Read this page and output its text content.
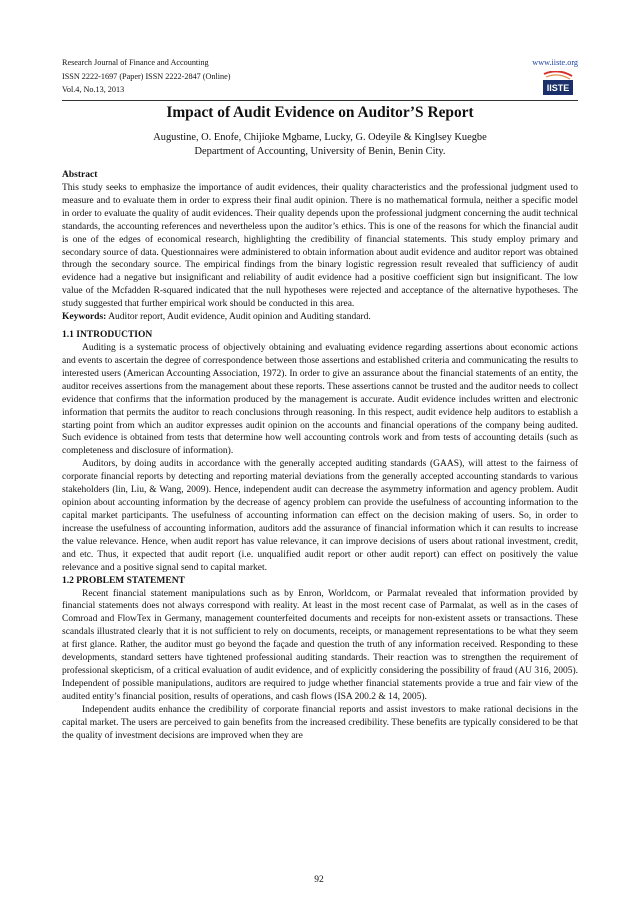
Research Journal of Finance and Accounting
ISSN 2222-1697 (Paper) ISSN 2222-2847 (Online)
Vol.4, No.13, 2013
www.iiste.org
IISTE
Impact of Audit Evidence on Auditor’S Report
Augustine, O. Enofe, Chijioke Mgbame, Lucky, G. Odeyile & Kinglsey Kuegbe
Department of Accounting, University of Benin, Benin City.
Abstract

This study seeks to emphasize the importance of audit evidences, their quality characteristics and the professional judgment used to measure and to evaluate them in order to express their final audit opinion. There is no mathematical formula, neither a specific model in order to evaluate the quality of audit evidences. Their quality depends upon the professional judgment concerning the audit technical standards, the accounting references and nevertheless upon the auditor’s ethics. This is one of the reasons for which the financial audit is one of the edges of economical research, highlighting the credibility of financial statements. This study employ primary and secondary source of data. Questionnaires were administered to obtain information about audit evidence and auditor report was obtained through the secondary source. The empirical findings from the binary logistic regression result revealed that sufficiency of audit evidence had a negative but insignificant and reliability of audit evidence had a positive coefficient sign but insignificant. The low value of the Mcfadden R-squared indicated that the null hypotheses were rejected and acceptance of the alternative hypotheses. The study suggested that further empirical work should be conducted in this area.

Keywords: Auditor report, Audit evidence, Audit opinion and Auditing standard.

1.1 INTRODUCTION

Auditing is a systematic process of objectively obtaining and evaluating evidence regarding assertions about economic actions and events to ascertain the degree of correspondence between those assertions and established criteria and communicating the results to interested users (American Accounting Association, 1972). In order to give an assurance about the financial statements of an entity, the auditor receives assertions from the management about these reports. These assertions cannot be trusted and the auditor needs to collect evidence that confirms that the information produced by the management is accurate. Audit evidence includes written and electronic information that permits the auditor to reach conclusions through reasoning. In this respect, audit evidence help auditors to establish a starting point from which an auditor expresses audit opinion on the accounts and financial operations of the company being audited. Such evidence is obtained from tests that determine how well accounting controls work and from tests of accounting details (such as completeness and disclosure of information).

Auditors, by doing audits in accordance with the generally accepted auditing standards (GAAS), will attest to the fairness of corporate financial reports by detecting and reporting material deviations from the generally accepted accounting standards to various stakeholders (lin, Liu, & Wang, 2009). Hence, independent audit can decrease the asymmetry information and agency problem. Audit opinion about accounting information by the decrease of agency problem can provide the usefulness of accounting information to the capital market participants. The usefulness of accounting information can effect on the decision making of users. So, in order to increase the usefulness of accounting information, auditors add the assurance of financial information which it can results to increase the value relevance. Hence, when audit report has value relevance, it can improve decisions of users about rational investment, credit, and etc. Thus, it expected that audit report (i.e. unqualified audit report or other audit report) can effect on positively the value relevance and a positive signal send to capital market.

1.2 PROBLEM STATEMENT

Recent financial statement manipulations such as by Enron, Worldcom, or Parmalat revealed that information provided by financial statements does not always correspond with reality. At least in the most recent case of Parmalat, as well as in the cases of Comroad and FlowTex in Germany, management counterfeited documents and receipts for non-existent assets or transactions. These scandals illustrated clearly that it is not sufficient to rely on documents, receipts, or management representations to be what they seem at first glance. Rather, the auditor must go beyond the façade and question the truth of any information received. Responding to these developments, standard setters have tightened professional auditing standards. Their reaction was to strengthen the requirement of professional skepticism, of a critical evaluation of audit evidence, and of explicitly considering the possibility of fraud (AU 316, 2005). Independent of possible manipulations, auditors are required to judge whether financial statements provide a true and fair view of the audited entity’s financial position, results of operations, and cash flows (ISA 200.2 & 14, 2005).

Independent audits enhance the credibility of corporate financial reports and assist investors to make rational decisions in the capital market. The users are perceived to gain benefits from the increased credibility. These benefits are typically considered to be that the quality of investment decisions are improved when they are

92
